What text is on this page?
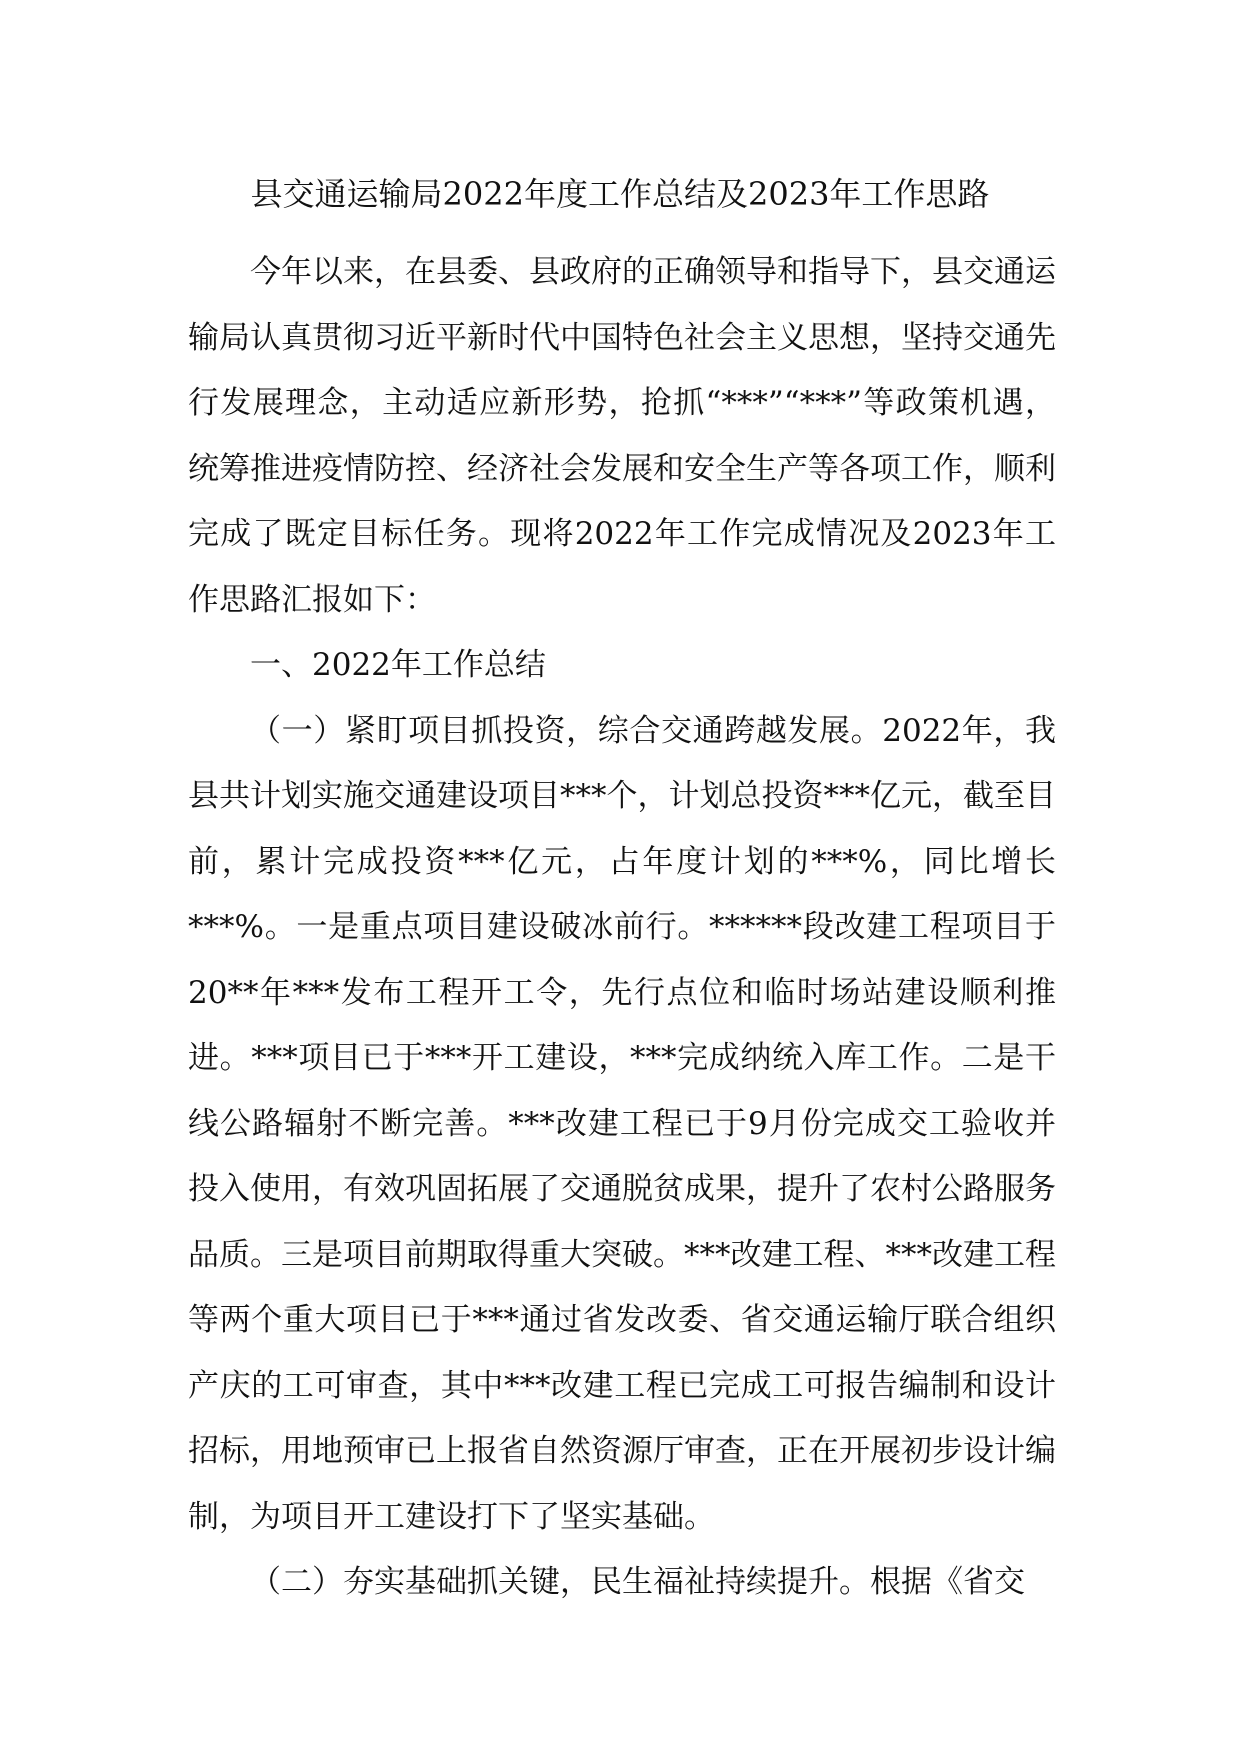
县交通运输局2022年度工作总结及2023年工作思路

今年以来，在县委、县政府的正确领导和指导下，县交通运输局认真贯彻习近平新时代中国特色社会主义思想，坚持交通先行发展理念，主动适应新形势，抢抓“***”“***”等政策机遇，统筹推进疫情防控、经济社会发展和安全生产等各项工作，顺利完成了既定目标任务。现将2022年工作完成情况及2023年工作思路汇报如下：

一、2022年工作总结

（一）紧盯项目抓投资，综合交通跨越发展。2022年，我县共计划实施交通建设项目***个，计划总投资***亿元，截至目前，累计完成投资***亿元，占年度计划的***%，同比增长***%。一是重点项目建设破冰前行。******段改建工程项目于20**年***发布工程开工令，先行点位和临时场站建设顺利推进。***项目已于***开工建设，***完成纳统入库工作。二是干线公路辐射不断完善。***改建工程已于9月份完成交工验收并投入使用，有效巩固拓展了交通脱贫成果，提升了农村公路服务品质。三是项目前期取得重大突破。***改建工程、***改建工程等两个重大项目已于***通过省发改委、省交通运输厅联合组织产庆的工可审查，其中***改建工程已完成工可报告编制和设计招标，用地预审已上报省自然资源厅审查，正在开展初步设计编制，为项目开工建设打下了坚实基础。

（二）夯实基础抓关键，民生福祉持续提升。根据《省交
